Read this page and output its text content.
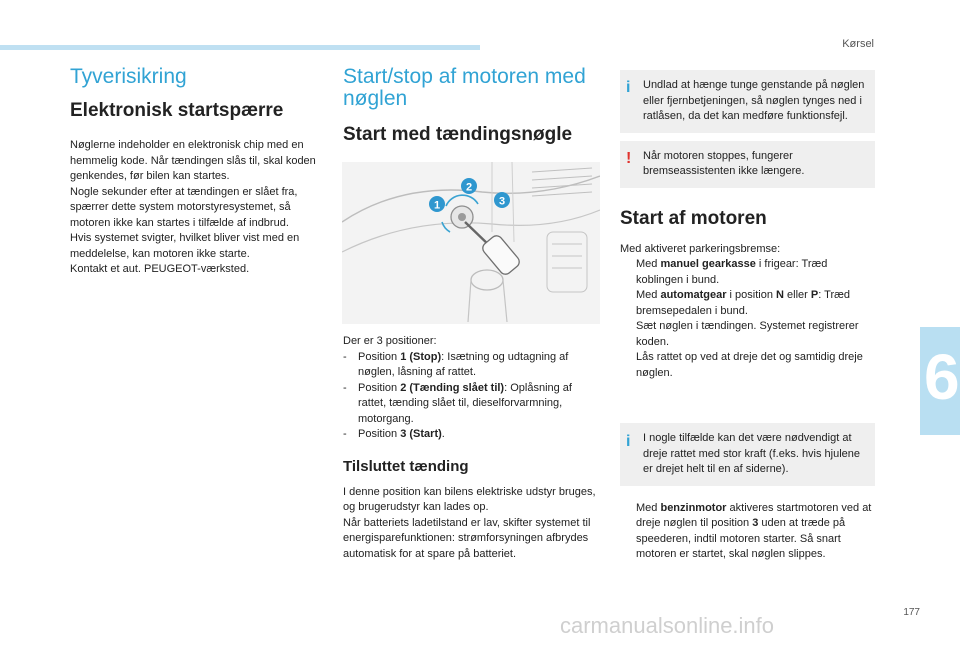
Kørsel
6
Tyverisikring
Elektronisk startspærre

Nøglerne indeholder en elektronisk chip med en hemmelig kode. Når tændingen slås til, skal koden genkendes, før bilen kan startes.

Nogle sekunder efter at tændingen er slået fra, spærrer dette system motorstyresystemet, så motoren ikke kan startes i tilfælde af indbrud.

Hvis systemet svigter, hvilket bliver vist med en meddelelse, kan motoren ikke starte.

Kontakt et aut. PEUGEOT-værksted.

Start/stop af motoren med nøglen
Start med tændingsnøgle
1
2
3

Der er 3 positioner:

-	Position 1 (Stop): Isætning og udtagning af nøglen, låsning af rattet.
-	Position 2 (Tænding slået til): Oplåsning af rattet, tænding slået til, dieselforvarmning, motorgang.
-	Position 3 (Start).
Tilsluttet tænding

I denne position kan bilens elektriske udstyr bruges, og brugerudstyr kan lades op.

Når batteriets ladetilstand er lav, skifter systemet til energisparefunktionen: strømforsyningen afbrydes automatisk for at spare på batteriet.

i Undlad at hænge tunge genstande på nøglen eller fjernbetjeningen, så nøglen tynges ned i ratlåsen, da det kan medføre funktionsfejl.

! Når motoren stoppes, fungerer bremseassistenten ikke længere.

Start af motoren

Med aktiveret parkeringsbremse:

Med manuel gearkasse i frigear: Træd koblingen i bund.
Med automatgear i position N eller P: Træd bremsepedalen i bund.
Sæt nøglen i tændingen. Systemet registrerer koden.
Lås rattet op ved at dreje det og samtidig dreje nøglen.
i I nogle tilfælde kan det være nødvendigt at dreje rattet med stor kraft (f.eks. hvis hjulene er drejet helt til en af siderne).

Med benzinmotor aktiveres startmotoren ved at dreje nøglen til position 3 uden at træde på speederen, indtil motoren starter. Så snart motoren er startet, skal nøglen slippes.
177
carmanualsonline.info
